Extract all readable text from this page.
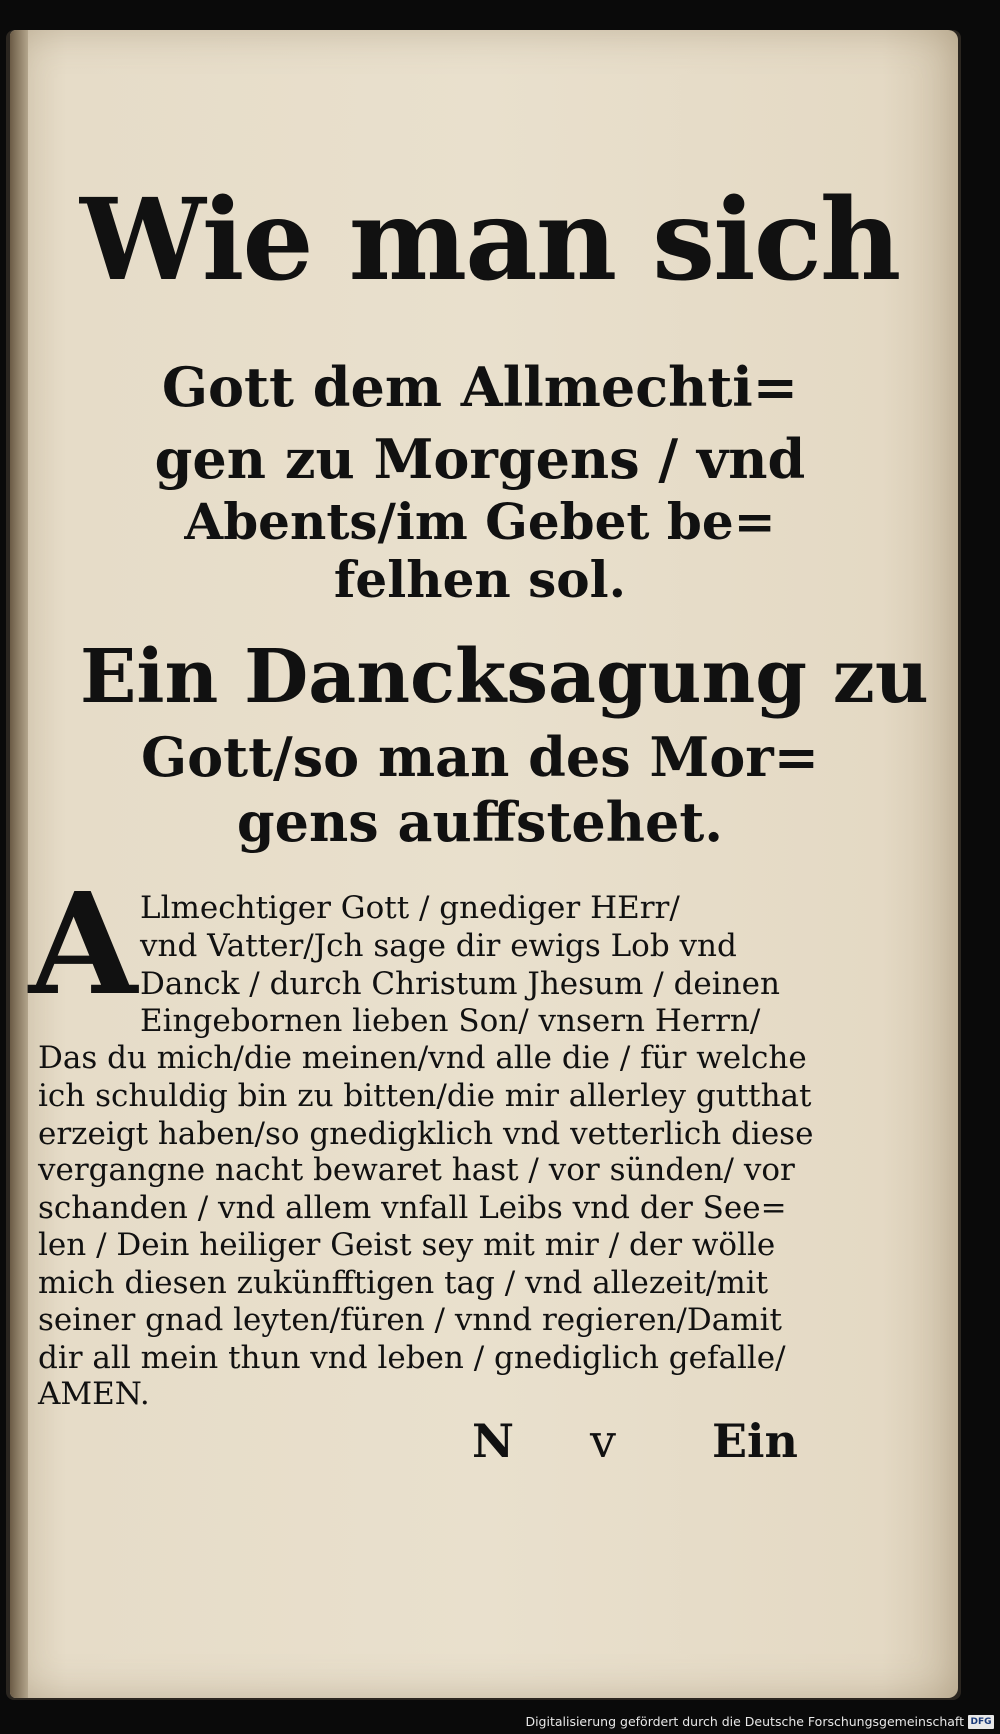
Wie man sich
Gott dem Allmechti=
gen zu Morgens / vnd
Abents/im Gebet be=
felhen sol.
Ein Dancksagung zu
Gott/so man des Mor=
gens auffstehet.
A Llmechtiger Gott / gnediger HErr/
vnd Vatter/Jch sage dir ewigs Lob vnd
Danck / durch Christum Jhesum / deinen
Eingebornen lieben Son/ vnsern Herrn/
Das du mich/die meinen/vnd alle die / für welche
ich schuldig bin zu bitten/die mir allerley gutthat
erzeigt haben/so gnedigklich vnd vetterlich diese
vergangne nacht bewaret hast / vor sünden/ vor
schanden / vnd allem vnfall Leibs vnd der See=
len / Dein heiliger Geist sey mit mir / der wölle
mich diesen zukünfftigen tag / vnd allezeit/mit
seiner gnad leyten/füren / vnnd regieren/Damit
dir all mein thun vnd leben / gnediglich gefalle/
AMEN.
N v Ein
Digitalisierung gefördert durch die Deutsche Forschungsgemeinschaft DFG
